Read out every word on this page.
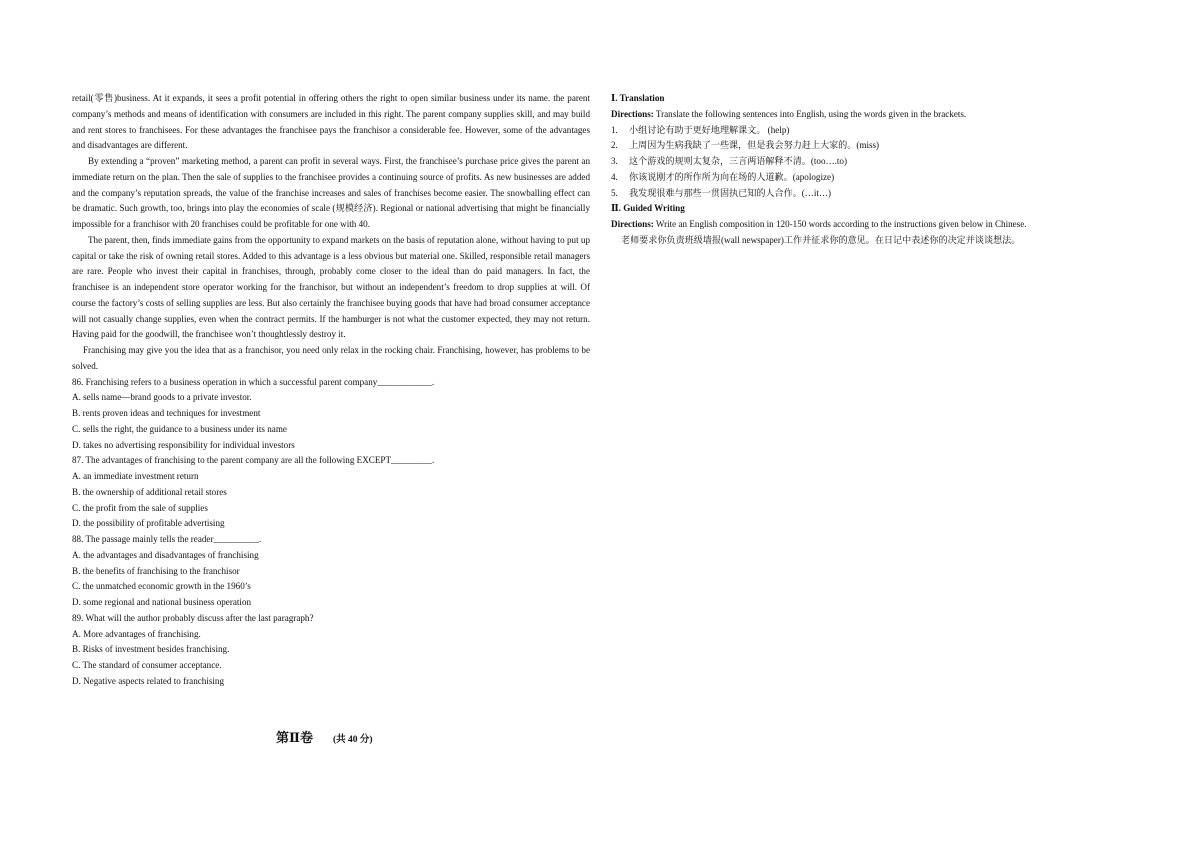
retail(零售)business. At it expands, it sees a profit potential in offering others the right to open similar business under its name. the parent company’s methods and means of identification with consumers are included in this right. The parent company supplies skill, and may build and rent stores to franchisees. For these advantages the franchisee pays the franchisor a considerable fee. However, some of the advantages and disadvantages are different.

By extending a “proven” marketing method, a parent can profit in several ways. First, the franchisee’s purchase price gives the parent an immediate return on the plan. Then the sale of supplies to the franchisee provides a continuing source of profits. As new businesses are added and the company’s reputation spreads, the value of the franchise increases and sales of franchises become easier. The snowballing effect can be dramatic. Such growth, too, brings into play the economies of scale (规模经济). Regional or national advertising that might be financially impossible for a franchisor with 20 franchises could be profitable for one with 40.

The parent, then, finds immediate gains from the opportunity to expand markets on the basis of reputation alone, without having to put up capital or take the risk of owning retail stores. Added to this advantage is a less obvious but material one. Skilled, responsible retail managers are rare. People who invest their capital in franchises, through, probably come closer to the ideal than do paid managers. In fact, the franchisee is an independent store operator working for the franchisor, but without an independent’s freedom to drop supplies at will. Of course the factory’s costs of selling supplies are less. But also certainly the franchisee buying goods that have had broad consumer acceptance will not casually change supplies, even when the contract permits. If the hamburger is not what the customer expected, they may not return. Having paid for the goodwill, the franchisee won’t thoughtlessly destroy it.

Franchising may give you the idea that as a franchisor, you need only relax in the rocking chair. Franchising, however, has problems to be solved.

86. Franchising refers to a business operation in which a successful parent company____________.
A. sells name—brand goods to a private investor.
B. rents proven ideas and techniques for investment
C. sells the right, the guidance to a business under its name
D. takes no advertising responsibility for individual investors
87. The advantages of franchising to the parent company are all the following EXCEPT_________.
A. an immediate investment return
B. the ownership of additional retail stores
C. the profit from the sale of supplies
D. the possibility of profitable advertising
88. The passage mainly tells the reader__________.
A. the advantages and disadvantages of franchising
B. the benefits of franchising to the franchisor
C. the unmatched economic growth in the 1960’s
D. some regional and national business operation
89. What will the author probably discuss after the last paragraph?
A. More advantages of franchising.
B. Risks of investment besides franchising.
C. The standard of consumer acceptance.
D. Negative aspects related to franchising
第Ⅱ卷 (共 40 分)
Ⅰ. Translation
Directions: Translate the following sentences into English, using the words given in the brackets.
1.	小组讨论有助于更好地理解课文。 (help)
2.	上周因为生病我缺了一些课，但是我会努力赶上大家的。(miss)
3.	这个游戏的规则太复杂，三言两语解释不清。(too….to)
4.	你该说刚才的所作所为向在场的人道歉。(apologize)
5.	我发现很难与那些一贯固执已知的人合作。(…it…)
Ⅱ. Guided Writing
Directions: Write an English composition in 120-150 words according to the instructions given below in Chinese.
老师要求你负责班级墙报(wall newspaper)工作并征求你的意见。在日记中表述你的决定并谈谈想法。
